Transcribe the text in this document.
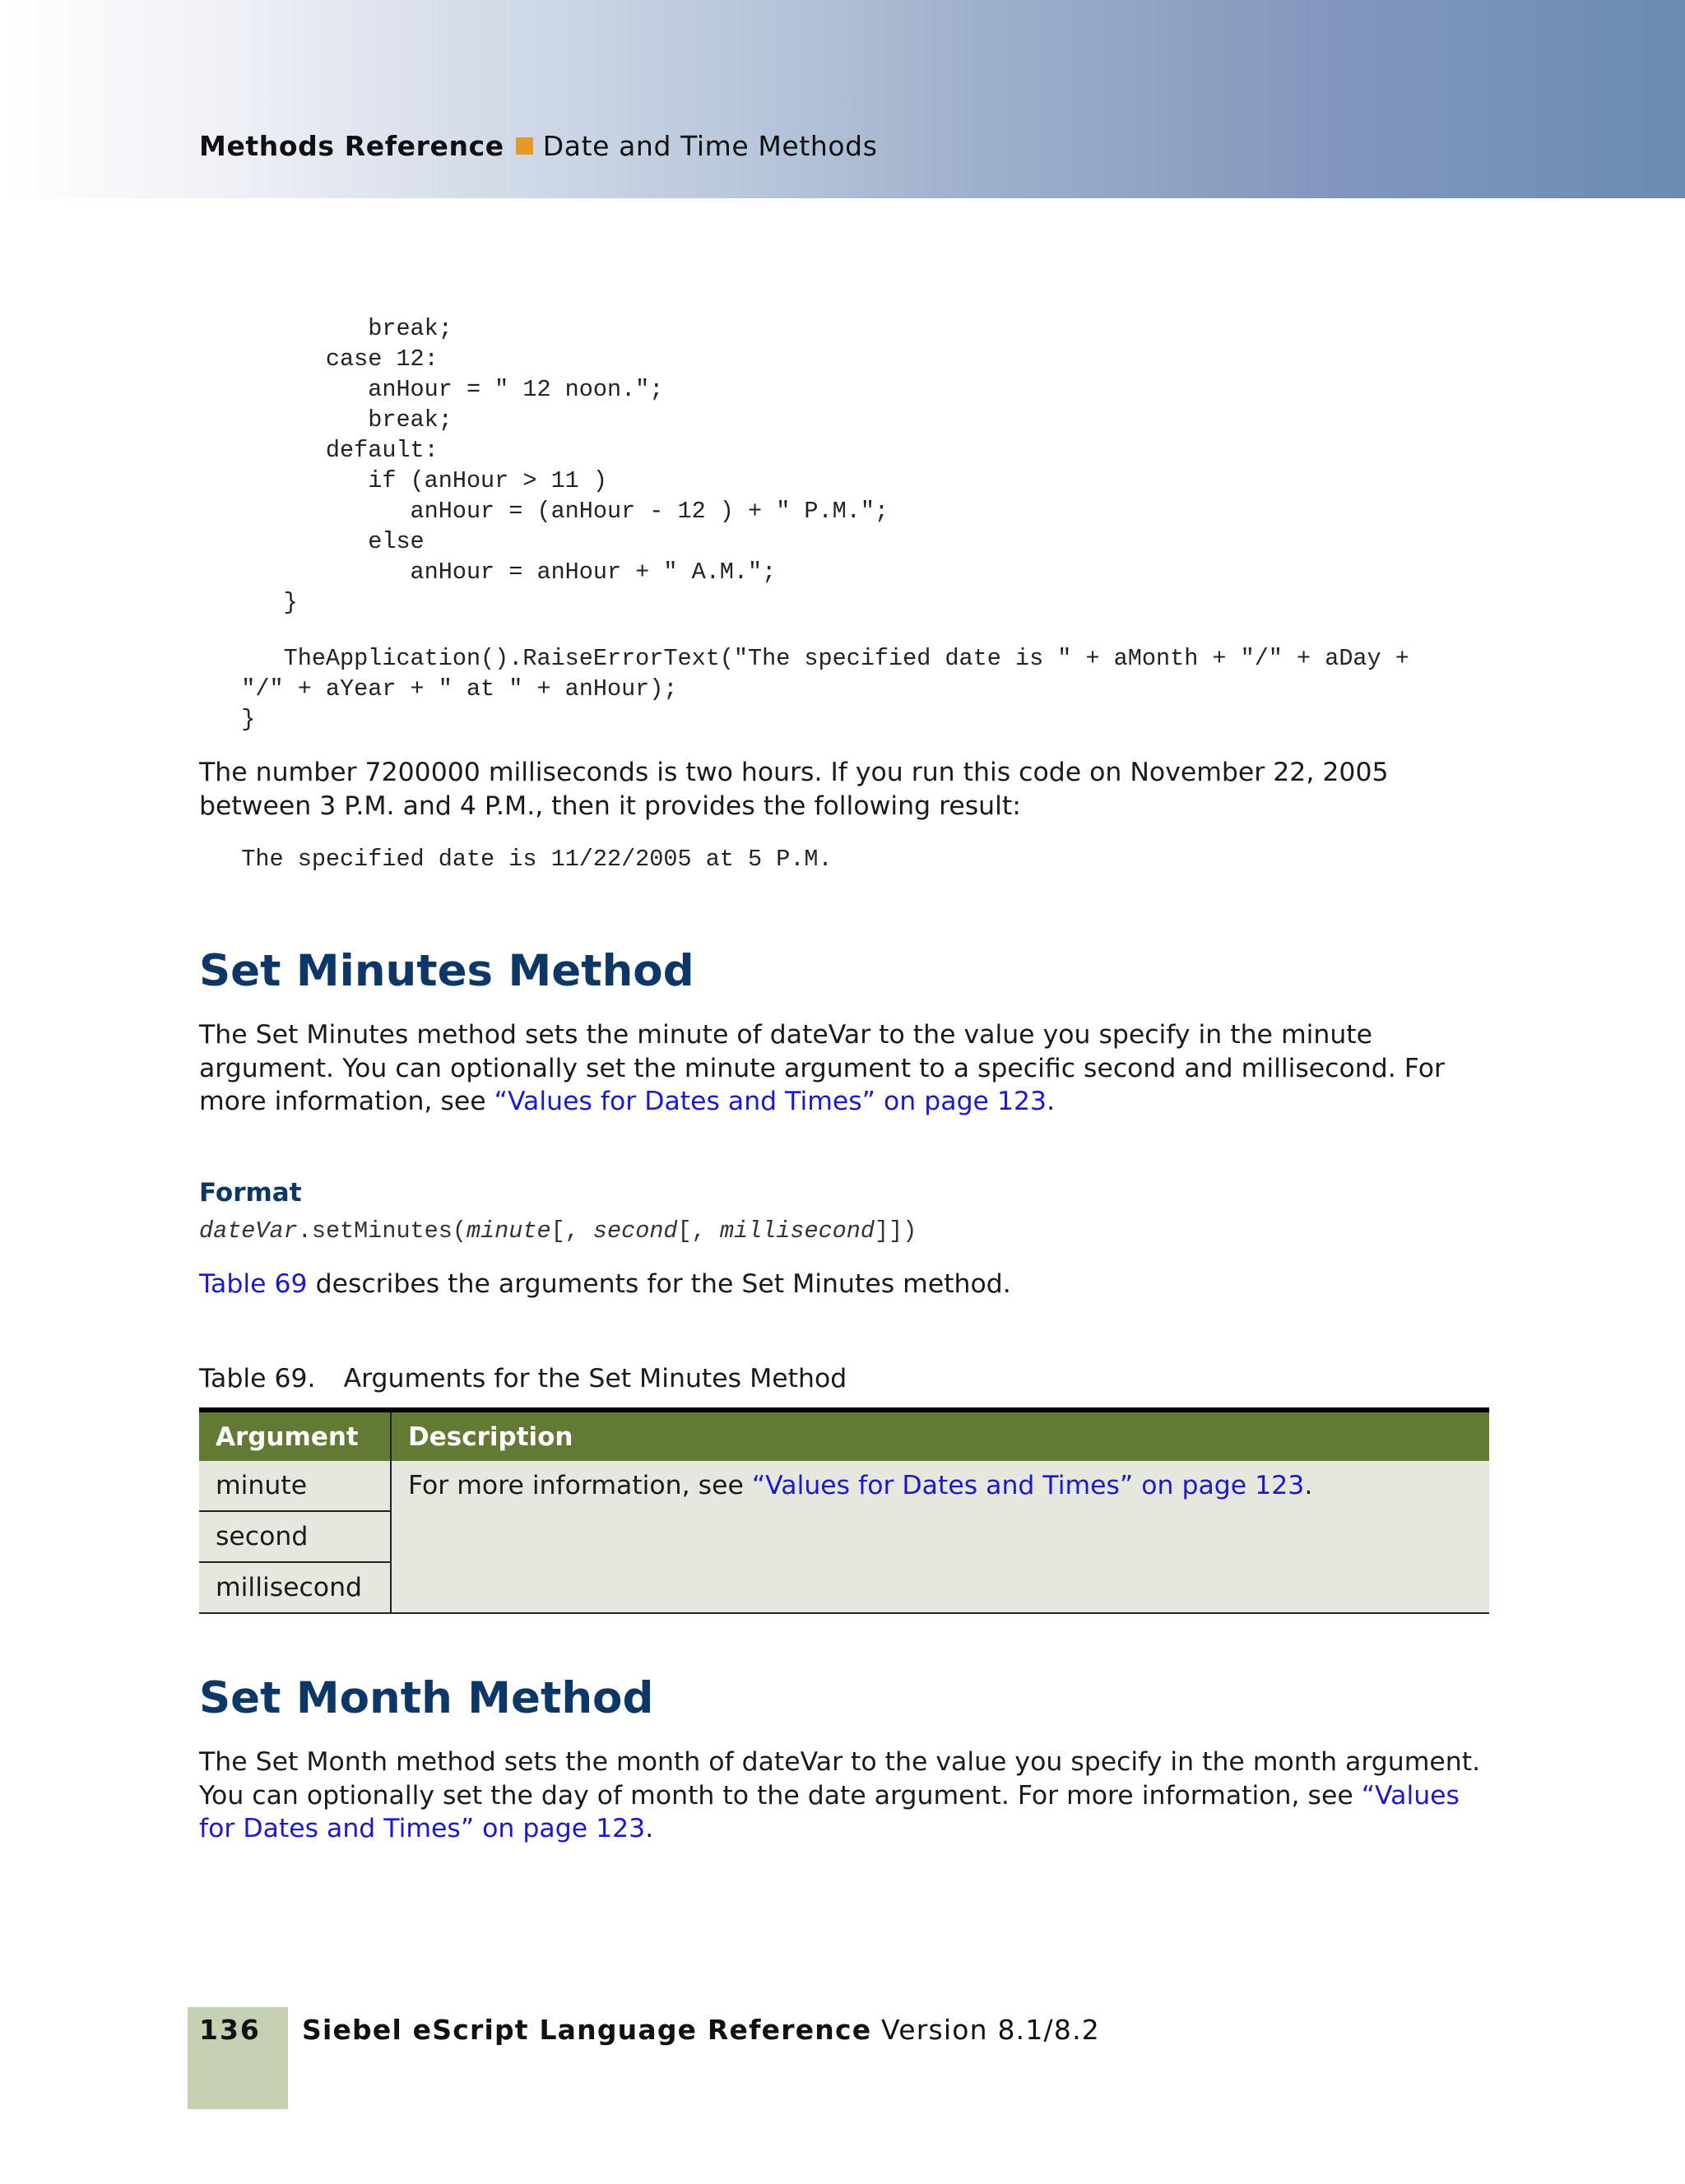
Methods Reference Date and Time Methods
break;
case 12:
anHour = " 12 noon.";
break;
default:
if (anHour > 11 )
anHour = (anHour - 12 ) + " P.M.";
else
anHour = anHour + " A.M.";
}
TheApplication().RaiseErrorText("The specified date is " + aMonth + "/" + aDay +
"/" + aYear + " at " + anHour);
}

The number 7200000 milliseconds is two hours. If you run this code on November 22, 2005 between 3 P.M. and 4 P.M., then it provides the following result:

The specified date is 11/22/2005 at 5 P.M.
Set Minutes Method

The Set Minutes method sets the minute of dateVar to the value you specify in the minute argument. You can optionally set the minute argument to a specific second and millisecond. For more information, see “Values for Dates and Times” on page 123.

Format
dateVar.setMinutes(minute[, second[, millisecond]])

Table 69 describes the arguments for the Set Minutes method.

Table 69. Arguments for the Set Minutes Method
Argument	Description
minute	For more information, see “Values for Dates and Times” on page 123.
second	
millisecond	
Set Month Method

The Set Month method sets the month of dateVar to the value you specify in the month argument. You can optionally set the day of month to the date argument. For more information, see “Values for Dates and Times” on page 123.

136 Siebel eScript Language Reference Version 8.1/8.2
